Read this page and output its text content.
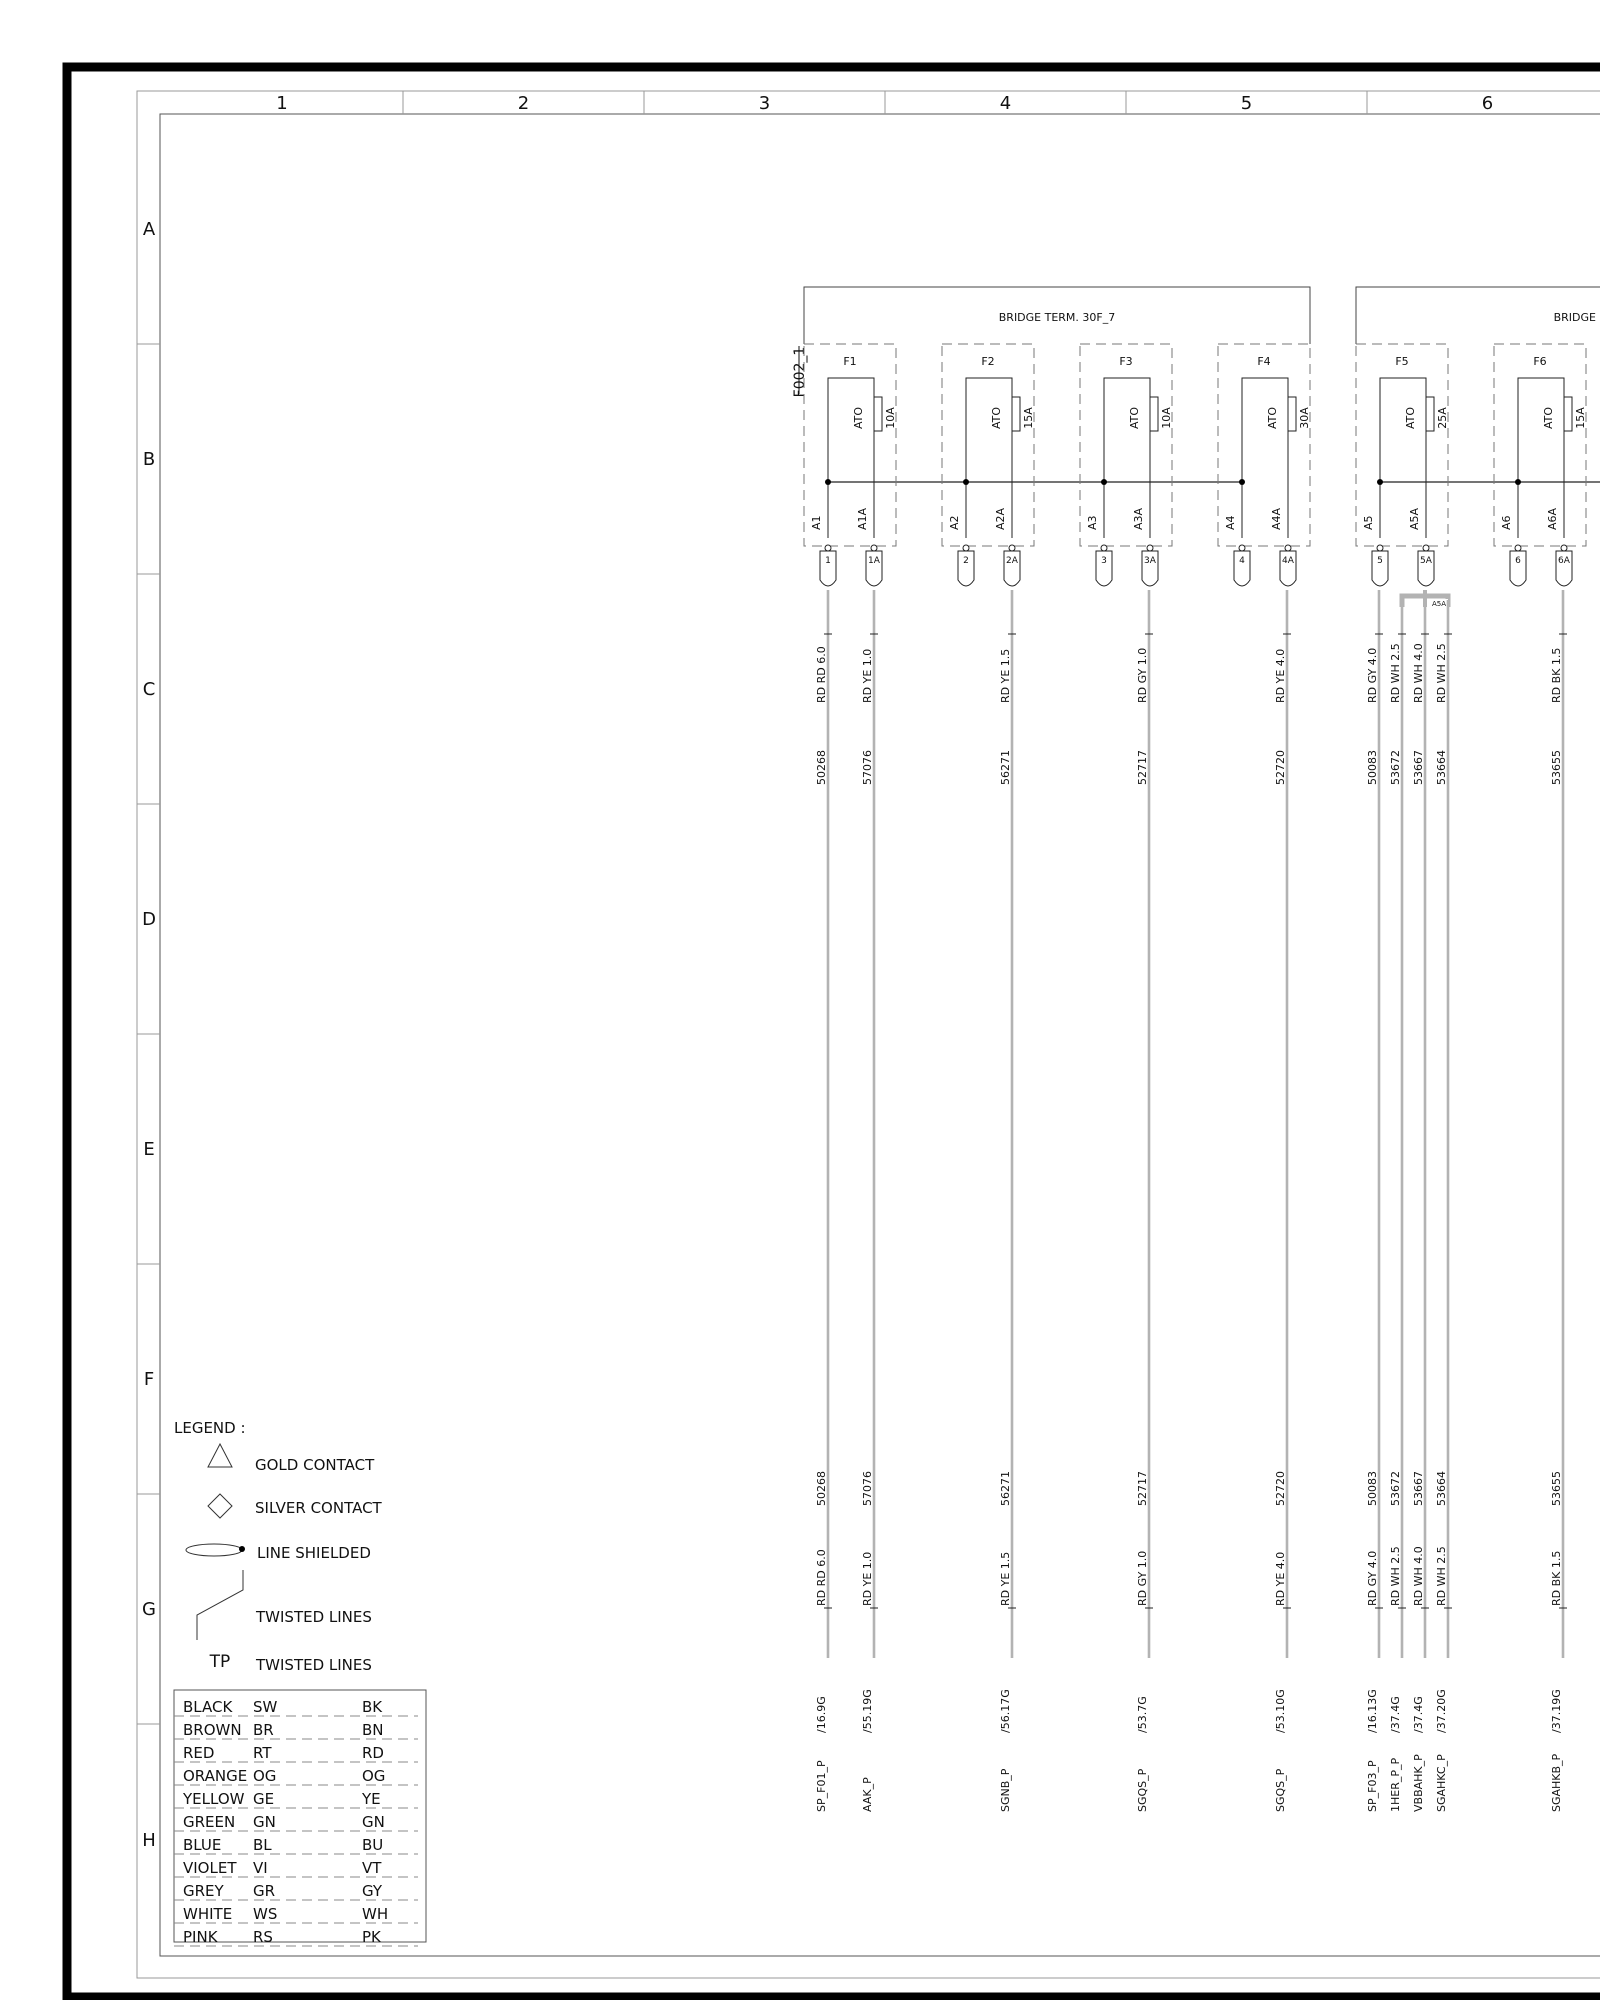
1	2	3	4	5	6
A
B
C
D
E
F
G
H
BRIDGE TERM. 30F_7	BRIDGE
F002_1	F1
ATO 10A
A1	A1A
1	1A
F2
ATO 15A
A2	A2A
2	2A
F3
ATO 10A
A3	A3A
3	3A
F4
ATO 30A
A4	A4A
4	4A
F5
ATO 25A
A5	A5A
5	5A
F6
ATO 15A
A6	A6A
6	6A
A5A
RD RD 6.0
50268
50268
RD RD 6.0
/16.9G
SP_F01_P
RD YE 1.0
57076
57076
RD YE 1.0
/55.19G
AAK_P
RD YE 1.5
56271
56271
RD YE 1.5
/56.17G
SGNB_P
RD GY 1.0
52717
52717
RD GY 1.0
/53.7G
SGQS_P
RD YE 4.0
52720
52720
RD YE 4.0
/53.10G
SGQS_P
RD GY 4.0
50083
50083
RD GY 4.0
/16.13G
SP_F03_P
RD WH 2.5
53672
53672
RD WH 2.5
/37.4G
1HER_P_P
RD WH 4.0
53667
53667
RD WH 4.0
/37.4G
VBBAHK_P
RD WH 2.5
53664
53664
RD WH 2.5
/37.20G
SGAHKC_P
RD BK 1.5
53655
53655
RD BK 1.5
/37.19G
SGAHKB_P
LEGEND :
GOLD CONTACT
SILVER CONTACT
LINE SHIELDED
TWISTED LINES
TP TWISTED LINES
BLACK SW	BK
BROWN BR	BN
RED	RT	RD
ORANGE OG	OG
YELLOW GE	YE
GREEN GN	GN
BLUE BL	BU
VIOLET VI	VT
GREY GR	GY
WHITE WS	WH
PINK RS	PK
